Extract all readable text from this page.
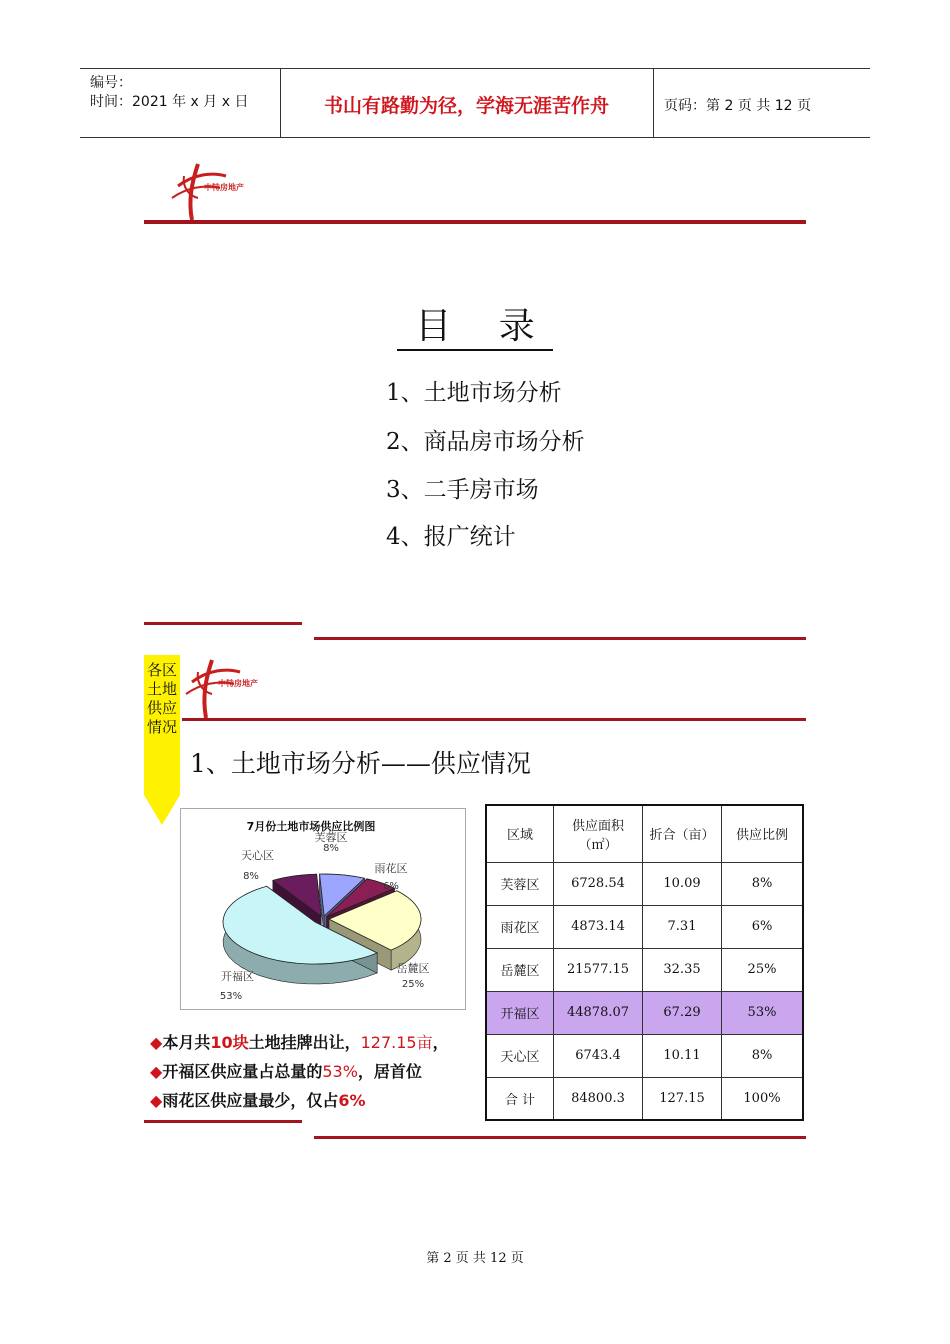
编号：
时间：2021 年 x 月 x 日	书山有路勤为径，学海无涯苦作舟	页码：第 2 页 共 12 页
中特房地产
目 录
1、土地市场分析
2、商品房市场分析
3、二手房市场
4、报广统计
中特房地产
各区土地供应情况
1、土地市场分析——供应情况
7月份土地市场供应比例图
芙蓉区
8%
雨花区
6%
岳麓区
25%
开福区
53%
天心区
8%
◆本月共10块土地挂牌出让，127.15亩，
◆开福区供应量占总量的53%，居首位
◆雨花区供应量最少，仅占6%
区域	供应面积（㎡）	折合（亩）	供应比例
芙蓉区	6728.54	10.09	8%
雨花区	4873.14	7.31	6%
岳麓区	21577.15	32.35	25%
开福区	44878.07	67.29	53%
天心区	6743.4	10.11	8%
合 计	84800.3	127.15	100%
第 2 页 共 12 页
